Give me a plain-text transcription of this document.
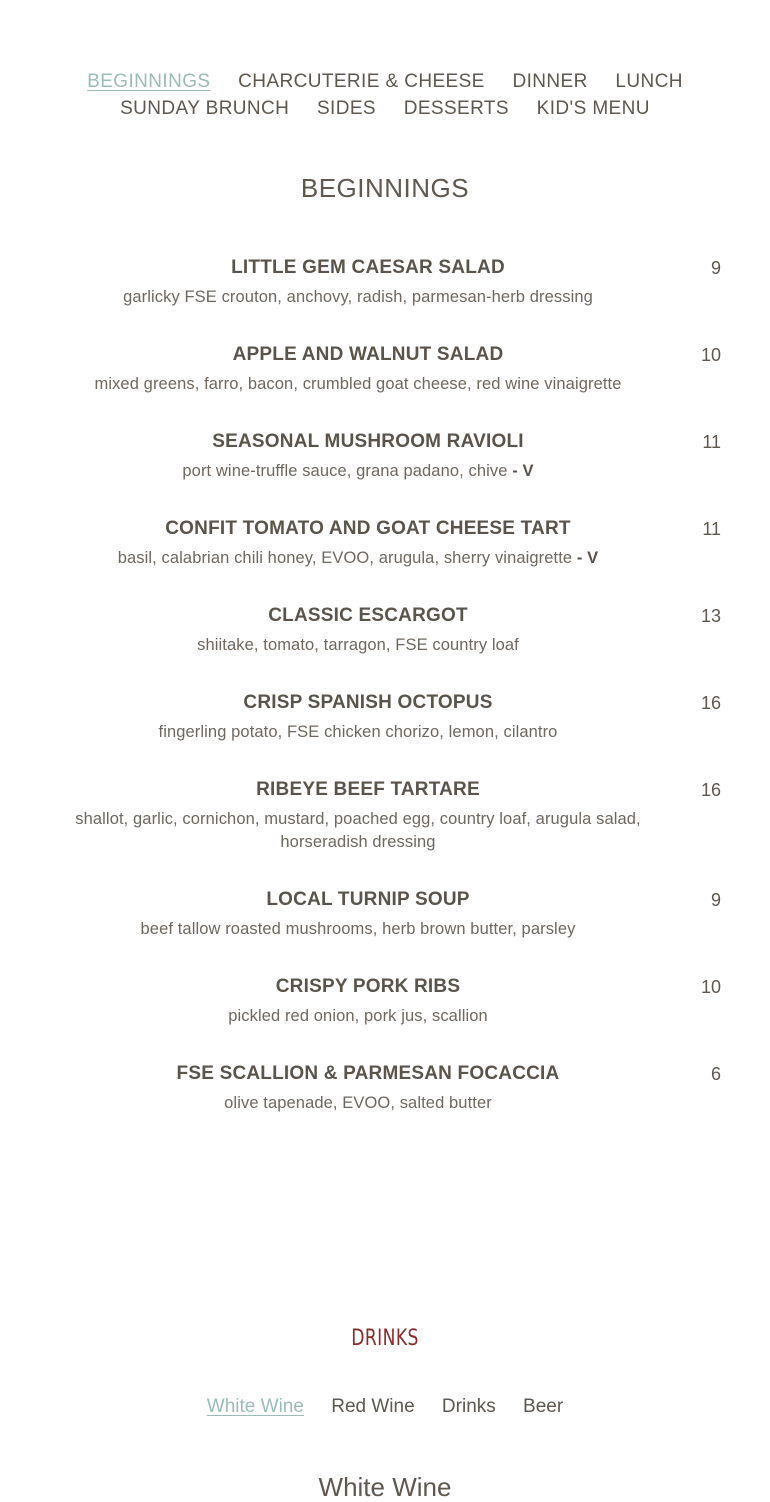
BEGINNINGS CHARCUTERIE & CHEESE DINNER LUNCH
SUNDAY BRUNCH SIDES DESSERTS KID'S MENU
BEGINNINGS
LITTLE GEM CAESAR SALAD	9
garlicky FSE crouton, anchovy, radish, parmesan-herb dressing
APPLE AND WALNUT SALAD	10
mixed greens, farro, bacon, crumbled goat cheese, red wine vinaigrette
SEASONAL MUSHROOM RAVIOLI	11
port wine-truffle sauce, grana padano, chive - V
CONFIT TOMATO AND GOAT CHEESE TART	11
basil, calabrian chili honey, EVOO, arugula, sherry vinaigrette - V
CLASSIC ESCARGOT	13
shiitake, tomato, tarragon, FSE country loaf
CRISP SPANISH OCTOPUS	16
fingerling potato, FSE chicken chorizo, lemon, cilantro
RIBEYE BEEF TARTARE	16
shallot, garlic, cornichon, mustard, poached egg, country loaf, arugula salad, horseradish dressing
LOCAL TURNIP SOUP	9
beef tallow roasted mushrooms, herb brown butter, parsley
CRISPY PORK RIBS	10
pickled red onion, pork jus, scallion
FSE SCALLION & PARMESAN FOCACCIA	6
olive tapenade, EVOO, salted butter
DRINKS
White Wine Red Wine Drinks Beer
White Wine
